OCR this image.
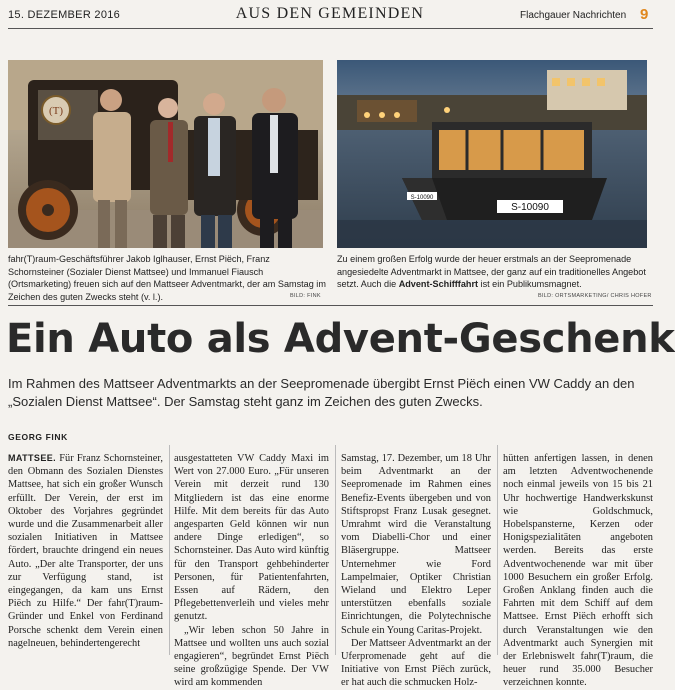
15. DEZEMBER 2016	AUS DEN GEMEINDEN	Flachgauer Nachrichten 9
(T)
fahr(T)raum-Geschäftsführer Jakob Iglhauser, Ernst Piëch, Franz Schornsteiner (Sozialer Dienst Mattsee) und Immanuel Fiausch (Ortsmarketing) freuen sich auf den Mattseer Adventmarkt, der am Samstag im Zeichen des guten Zwecks steht (v. l.).	BILD: FINK
S-10090
S-10090
Zu einem großen Erfolg wurde der heuer erstmals an der Seepromenade angesiedelte Adventmarkt in Mattsee, der ganz auf ein traditionelles Angebot setzt. Auch die Advent-Schifffahrt ist ein Publikumsmagnet.
BILD: ORTSMARKETING/ CHRIS HOFER
Ein Auto als Advent-Geschenk
Im Rahmen des Mattseer Adventmarkts an der Seepromenade übergibt Ernst Piëch einen VW Caddy an den „Sozialen Dienst Mattsee“. Der Samstag steht ganz im Zeichen des guten Zwecks.
GEORG FINK

MATTSEE. Für Franz Schornsteiner, den Obmann des Sozialen Dienstes Mattsee, hat sich ein großer Wunsch erfüllt. Der Verein, der erst im Oktober des Vorjahres gegründet wurde und die Zusammenarbeit aller sozialen Initiativen in Mattsee fördert, brauchte dringend ein neues Auto. „Der alte Transporter, der uns zur Verfügung stand, ist eingegangen, da kam uns Ernst Piëch zu Hilfe.“ Der fahr(T)raum-Gründer und Enkel von Ferdinand Porsche schenkt dem Verein einen nagelneuen, behindertengerecht

ausgestatteten VW Caddy Maxi im Wert von 27.000 Euro. „Für unseren Verein mit derzeit rund 130 Mitgliedern ist das eine enorme Hilfe. Mit dem bereits für das Auto angesparten Geld können wir nun andere Dinge erledigen“, so Schornsteiner. Das Auto wird künftig für den Transport gehbehinderter Personen, für Patientenfahrten, Essen auf Rädern, den Pflegebettenverleih und vieles mehr genutzt.

„Wir leben schon 50 Jahre in Mattsee und wollten uns auch sozial engagieren“, begründet Ernst Piëch seine großzügige Spende. Der VW wird am kommenden

Samstag, 17. Dezember, um 18 Uhr beim Adventmarkt an der Seepromenade im Rahmen eines Benefiz-Events übergeben und von Stiftspropst Franz Lusak gesegnet. Umrahmt wird die Veranstaltung vom Diabelli-Chor und einer Bläsergruppe. Mattseer Unternehmer wie Ford Lampelmaier, Optiker Christian Wieland und Elektro Leper unterstützen ebenfalls soziale Einrichtungen, die Polytechnische Schule ein Young Caritas-Projekt.

Der Mattseer Adventmarkt an der Uferpromenade geht auf die Initiative von Ernst Piëch zurück, er hat auch die schmucken Holz-

hütten anfertigen lassen, in denen am letzten Adventwochenende noch einmal jeweils von 15 bis 21 Uhr hochwertige Handwerkskunst wie Goldschmuck, Hobelspansterne, Kerzen oder Honigspezialitäten angeboten werden. Bereits das erste Adventwochenende war mit über 1000 Besuchern ein großer Erfolg. Großen Anklang finden auch die Fahrten mit dem Schiff auf dem Mattsee. Ernst Piëch erhofft sich durch Veranstaltungen wie den Adventmarkt auch Synergien mit der Erlebniswelt fahr(T)raum, die heuer rund 35.000 Besucher verzeichnen konnte.
